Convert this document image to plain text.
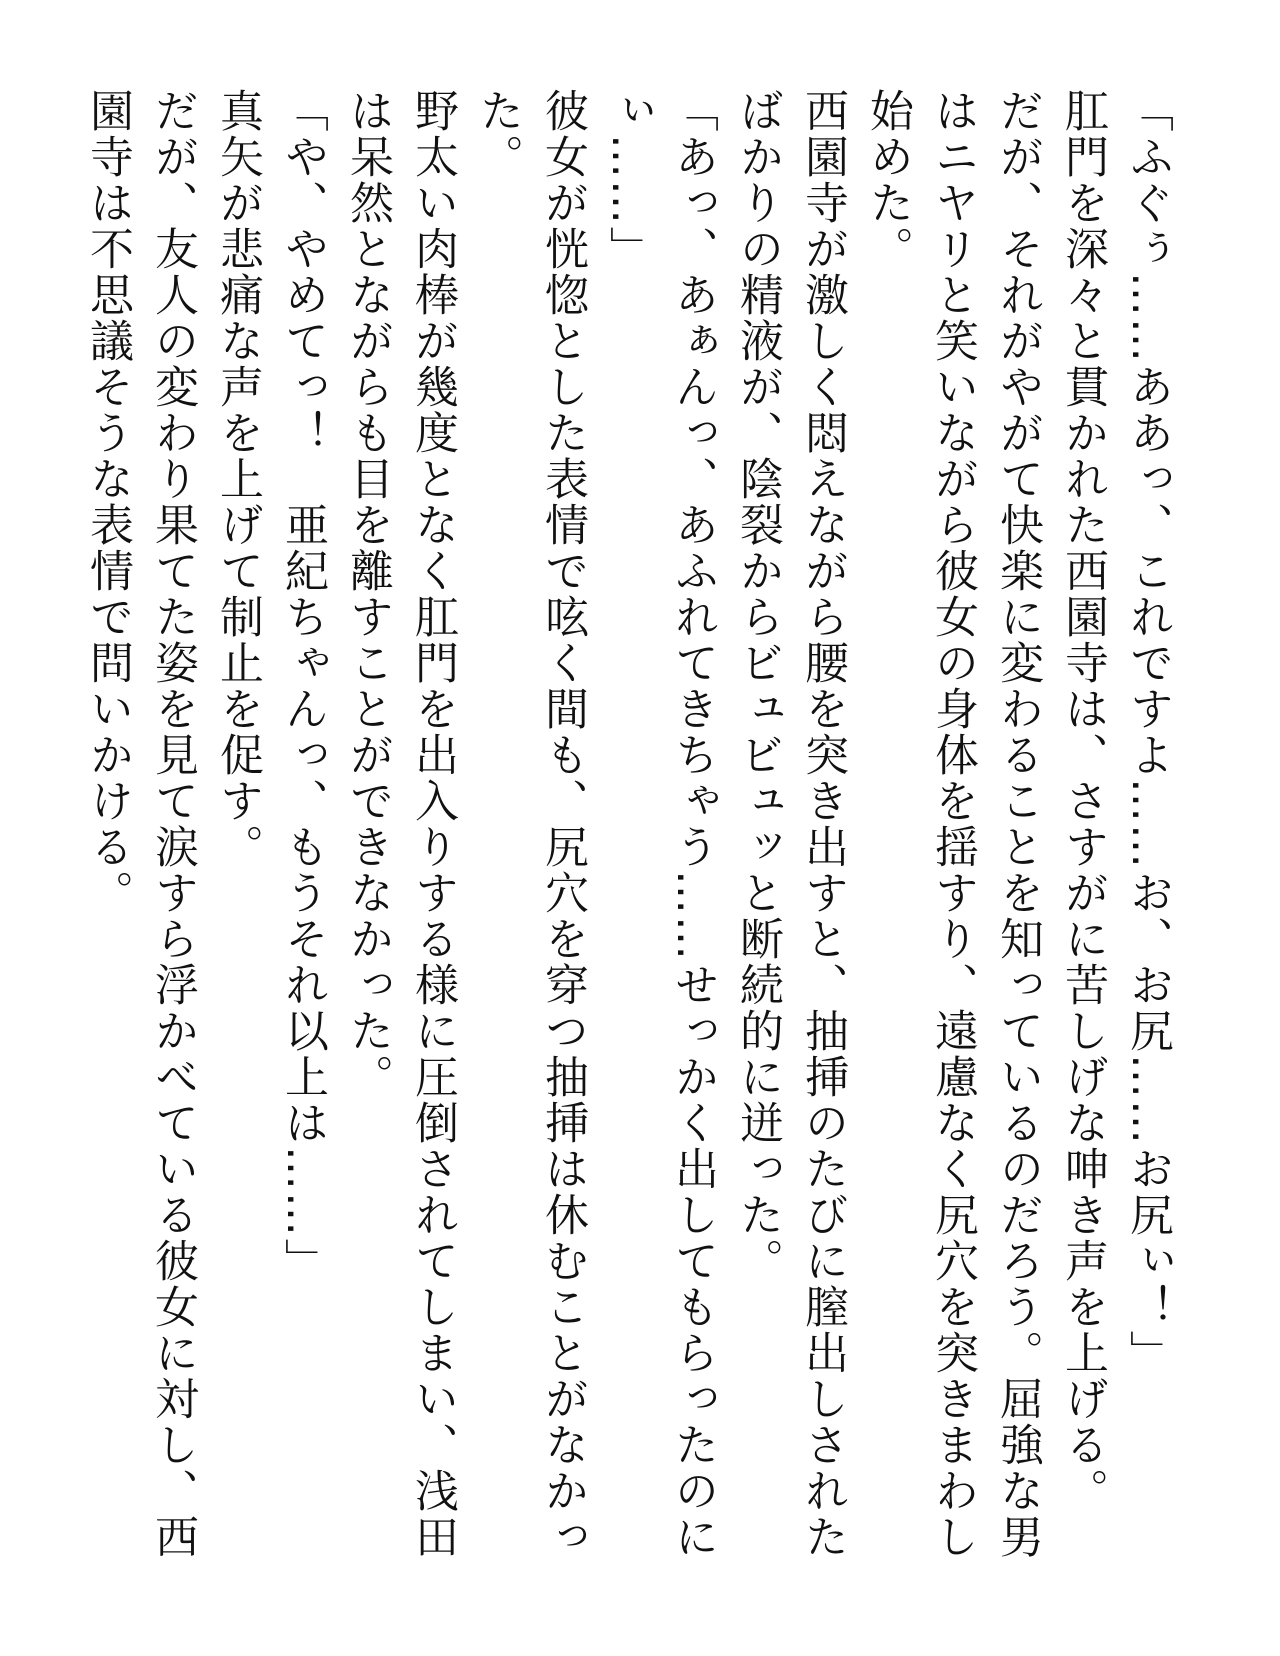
「ふぐぅ……ああっ、これですよ……お、お尻……お尻ぃ！」

肛門を深々と貫かれた西園寺は、さすがに苦しげな呻き声を上げる。

だが、それがやがて快楽に変わることを知っているのだろう。屈強な男はニヤリと笑いながら彼女の身体を揺すり、遠慮なく尻穴を突きまわし始めた。

西園寺が激しく悶えながら腰を突き出すと、抽挿のたびに膣出しされたばかりの精液が、陰裂からビュビュッと断続的に迸った。

「あっ、あぁんっ、あふれてきちゃう……せっかく出してもらったのにぃ……」

彼女が恍惚とした表情で呟く間も、尻穴を穿つ抽挿は休むことがなかった。

野太い肉棒が幾度となく肛門を出入りする様に圧倒されてしまい、浅田は呆然とながらも目を離すことができなかった。

「や、やめてっ！　亜紀ちゃんっ、もうそれ以上は……」

真矢が悲痛な声を上げて制止を促す。

だが、友人の変わり果てた姿を見て涙すら浮かべている彼女に対し、西園寺は不思議そうな表情で問いかける。
